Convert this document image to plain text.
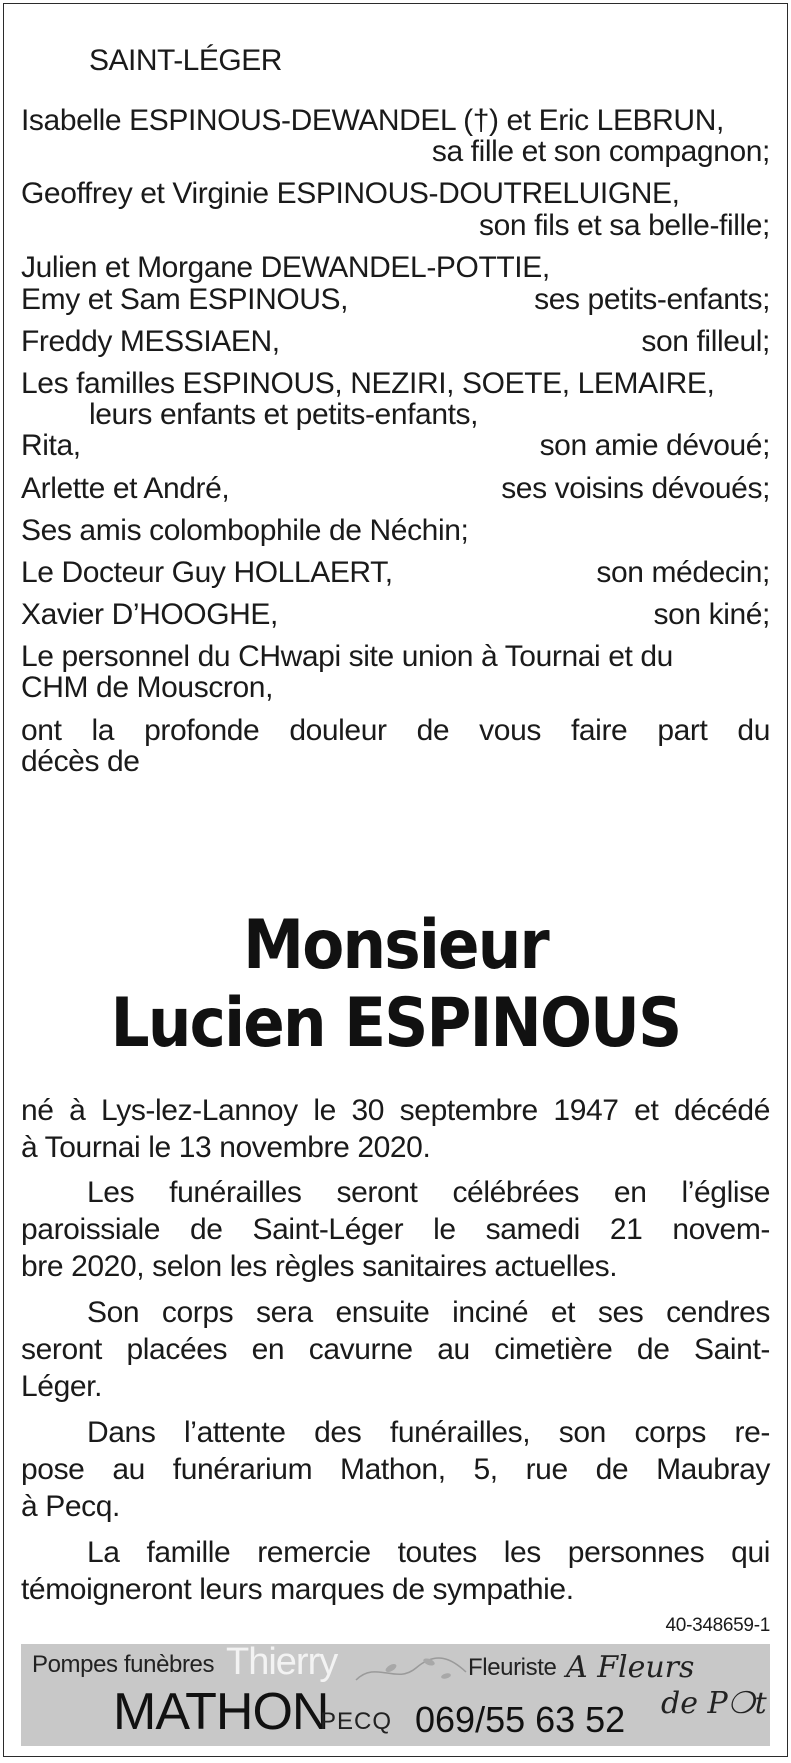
SAINT-LÉGER
Isabelle ESPINOUS-DEWANDEL (†) et Eric LEBRUN,
sa fille et son compagnon;
Geoffrey et Virginie ESPINOUS-DOUTRELUIGNE,
son fils et sa belle-fille;
Julien et Morgane DEWANDEL-POTTIE,
Emy et Sam ESPINOUS,	ses petits-enfants;
Freddy MESSIAEN,	son filleul;
Les familles ESPINOUS, NEZIRI, SOETE, LEMAIRE,
leurs enfants et petits-enfants,
Rita,	son amie dévoué;
Arlette et André,	ses voisins dévoués;
Ses amis colombophile de Néchin;
Le Docteur Guy HOLLAERT,	son médecin;
Xavier D’HOOGHE,	son kiné;
Le personnel du CHwapi site union à Tournai et du
CHM de Mouscron,
ont la profonde douleur de vous faire part du
décès de
Monsieur
Lucien ESPINOUS
né à Lys-lez-Lannoy le 30 septembre 1947 et décédé
à Tournai le 13 novembre 2020.
Les funérailles seront célébrées en l’église
paroissiale de Saint-Léger le samedi 21 novem-
bre 2020, selon les règles sanitaires actuelles.
Son corps sera ensuite inciné et ses cendres
seront placées en cavurne au cimetière de Saint-
Léger.
Dans l’attente des funérailles, son corps re-
pose au funérarium Mathon, 5, rue de Maubray
à Pecq.
La famille remercie toutes les personnes qui
témoigneront leurs marques de sympathie.
40-348659-1
Pompes funèbres Thierry
MATHON
PECQ
Fleuriste A Fleurs
de P❍t
069/55 63 52
